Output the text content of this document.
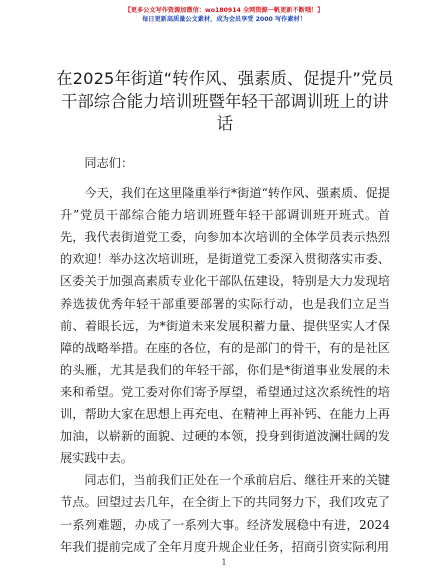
【更多公文写作资源加微信：wo180914 全网资源一帆更新不断哦！】
每日更新高质量公文素材，成为会员享受 2000 写作素材！
在2025年街道“转作风、强素质、促提升”党员干部综合能力培训班暨年轻干部调训班上的讲话

同志们：

今天，我们在这里隆重举行*街道“转作风、强素质、促提升”党员干部综合能力培训班暨年轻干部调训班开班式。首先，我代表街道党工委，向参加本次培训的全体学员表示热烈的欢迎！举办这次培训班，是街道党工委深入贯彻落实市委、区委关于加强高素质专业化干部队伍建设，特别是大力发现培养选拔优秀年轻干部重要部署的实际行动，也是我们立足当前、着眼长远，为*街道未来发展积蓄力量、提供坚实人才保障的战略举措。在座的各位，有的是部门的骨干，有的是社区的头雁，尤其是我们的年轻干部，你们是*街道事业发展的未来和希望。党工委对你们寄予厚望，希望通过这次系统性的培训，帮助大家在思想上再充电、在精神上再补钙、在能力上再加油，以崭新的面貌、过硬的本领，投身到街道波澜壮阔的发展实践中去。

同志们，当前我们正处在一个承前启后、继往开来的关键节点。回望过去几年，在全街上下的共同努力下，我们攻克了一系列难题，办成了一系列大事。经济发展稳中有进，2024年我们提前完成了全年月度升规企业任务，招商引资实际利用

1
